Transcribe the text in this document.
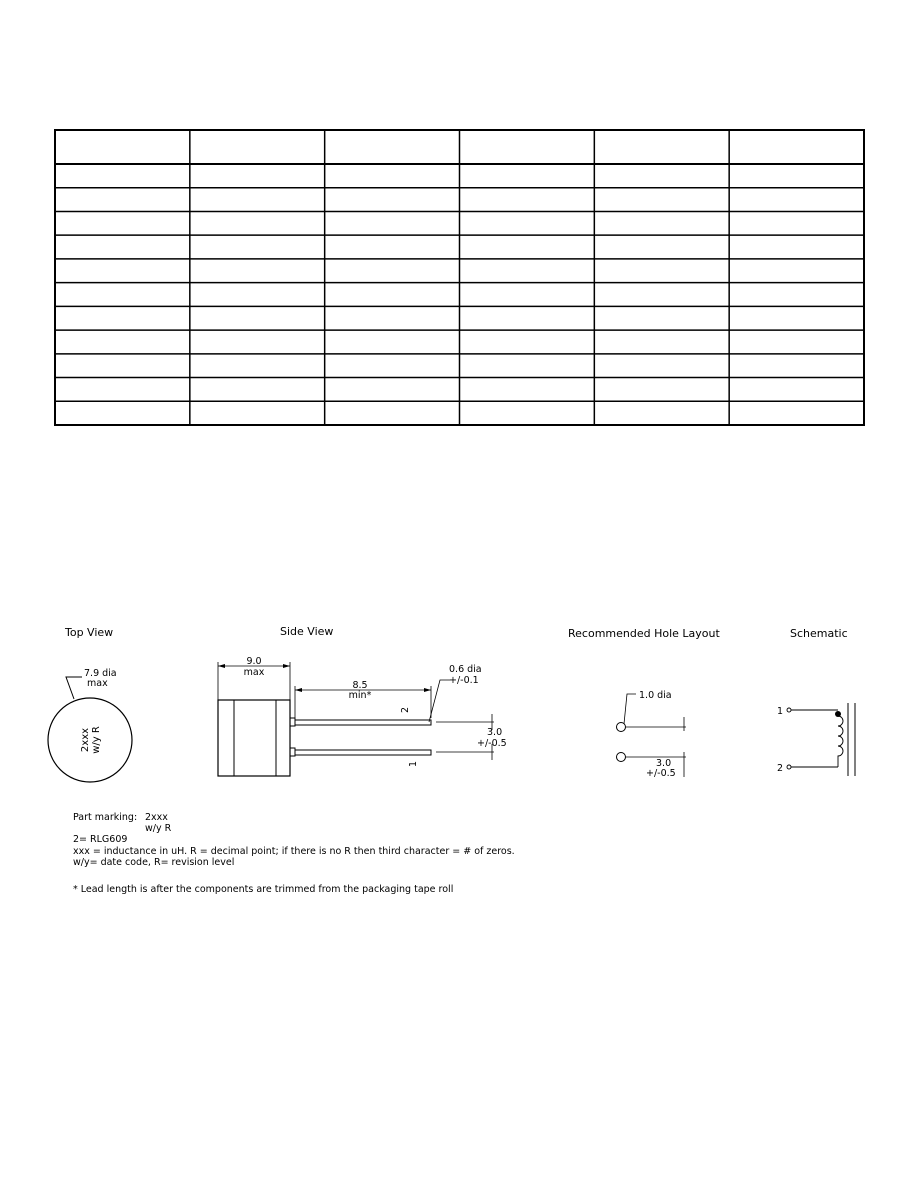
Top View
7.9 dia
max
2xxx w/y R
Side View
9.0
max
8.5
min*
0.6 dia
+/-0.1
3.0
+/-0.5
2
1
Recommended Hole Layout
1.0 dia
3.0
+/-0.5
Schematic
1
2
Part marking: 2xxx
w/y R
2= RLG609
xxx = inductance in uH. R = decimal point; if there is no R then third character = # of zeros.
w/y= date code, R= revision level
* Lead length is after the components are trimmed from the packaging tape roll
